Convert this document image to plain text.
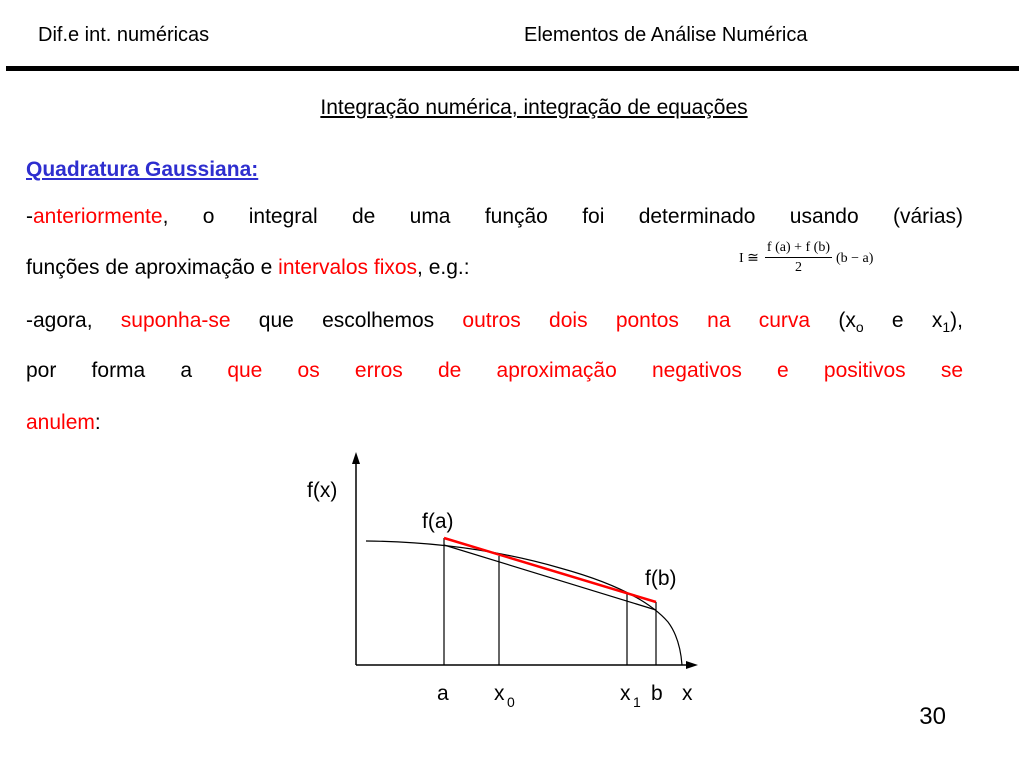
Dif.e int. numéricas	Elementos de Análise Numérica
Integração numérica, integração de equações
Quadratura Gaussiana:
-anteriormente, o integral de uma função foi determinado usando (várias)
funções de aproximação e intervalos fixos, e.g.:	I ≅	f (a) + f (b)	(b − a)
2
-agora, suponha-se que escolhemos outros dois pontos na curva ($x_o$ e $x_1$),
por forma a que os erros de aproximação negativos e positivos se
anulem:
f(x)
f(a)
f(b)
a x 0	x 1 b x
30
